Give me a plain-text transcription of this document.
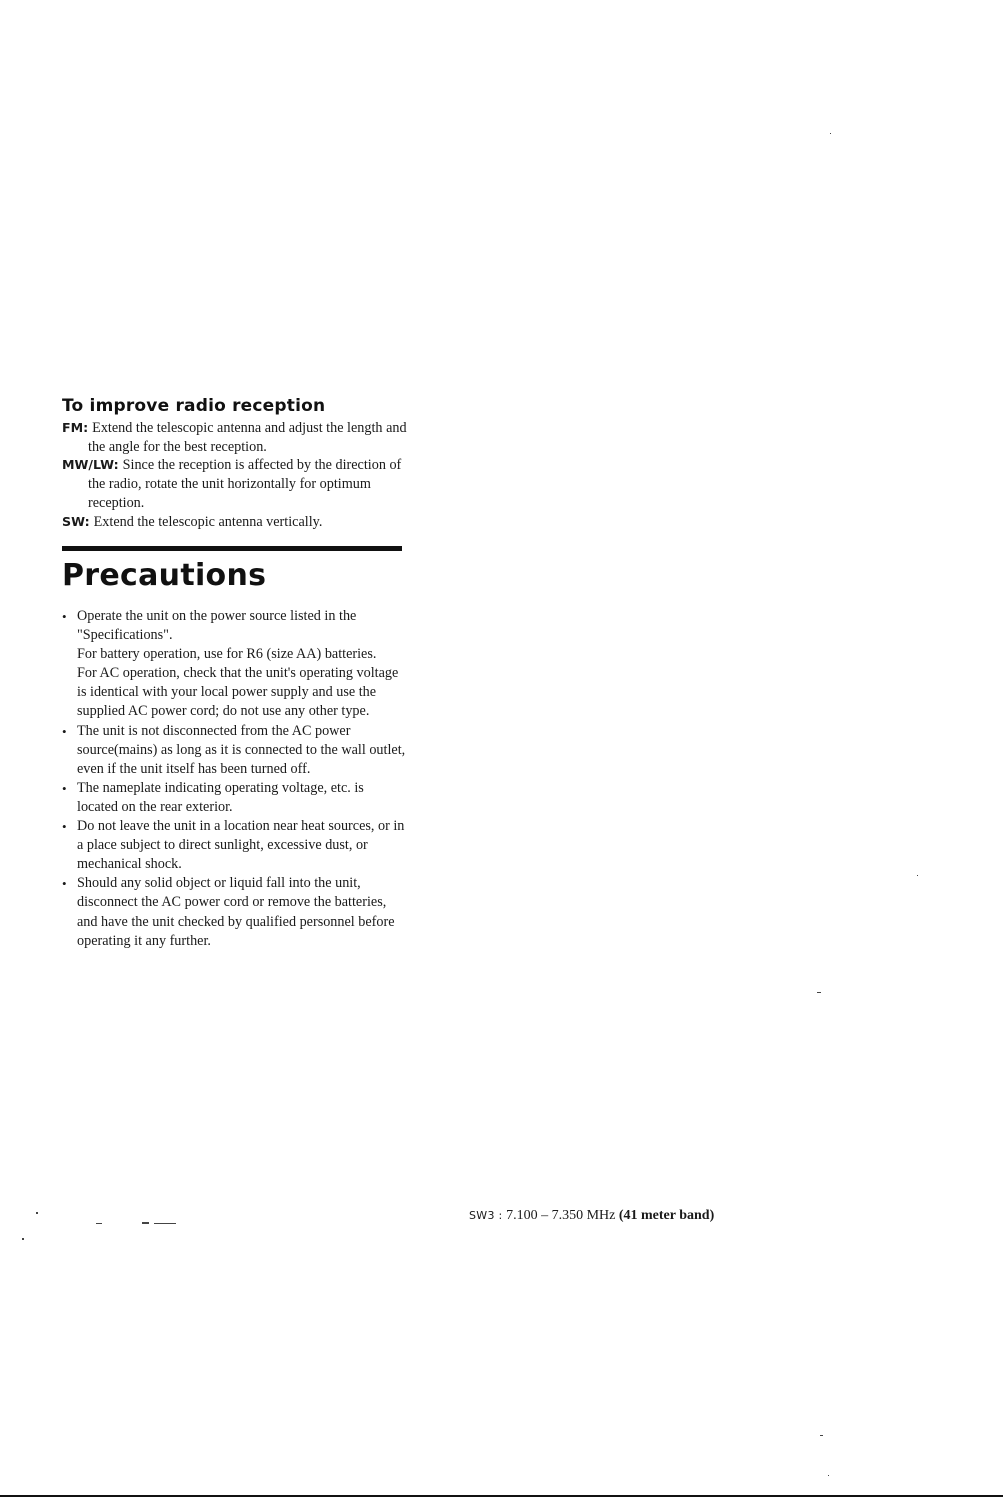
To improve radio reception

FM: Extend the telescopic antenna and adjust the length and the angle for the best reception.

MW/LW: Since the reception is affected by the direction of the radio, rotate the unit horizontally for optimum reception.

SW: Extend the telescopic antenna vertically.

Precautions
• Operate the unit on the power source listed in the "Specifications".
For battery operation, use for R6 (size AA) batteries.
For AC operation, check that the unit's operating voltage is identical with your local power supply and use the supplied AC power cord; do not use any other type.
• The unit is not disconnected from the AC power source(mains) as long as it is connected to the wall outlet, even if the unit itself has been turned off.
• The nameplate indicating operating voltage, etc. is located on the rear exterior.
• Do not leave the unit in a location near heat sources, or in a place subject to direct sunlight, excessive dust, or mechanical shock.
• Should any solid object or liquid fall into the unit, disconnect the AC power cord or remove the batteries, and have the unit checked by qualified personnel before operating it any further.

SW3 : 7.100 – 7.350 MHz (41 meter band)
